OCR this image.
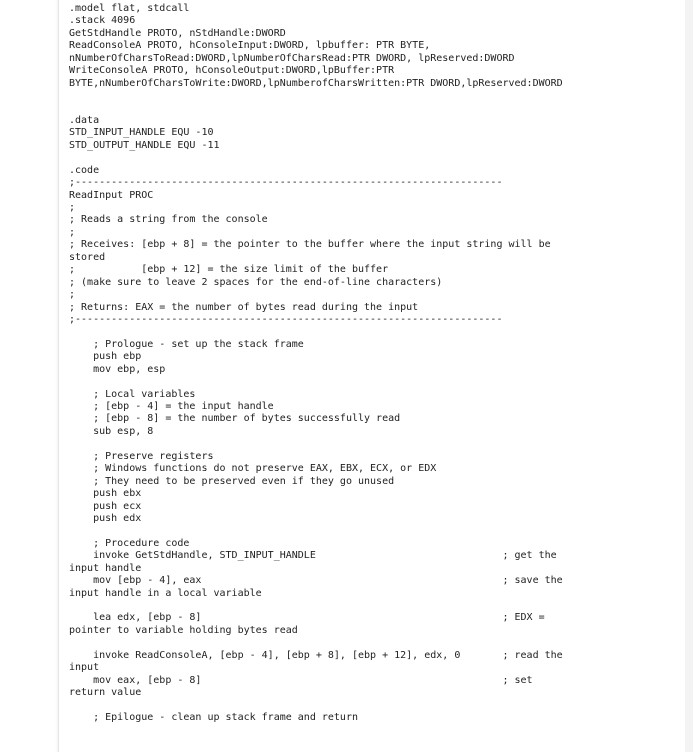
.model flat, stdcall
.stack 4096
GetStdHandle PROTO, nStdHandle:DWORD
ReadConsoleA PROTO, hConsoleInput:DWORD, lpbuffer: PTR BYTE,
nNumberOfCharsToRead:DWORD,lpNumberOfCharsRead:PTR DWORD, lpReserved:DWORD
WriteConsoleA PROTO, hConsoleOutput:DWORD,lpBuffer:PTR
BYTE,nNumberOfCharsToWrite:DWORD,lpNumberofCharsWritten:PTR DWORD,lpReserved:DWORD
.data
STD_INPUT_HANDLE EQU -10
STD_OUTPUT_HANDLE EQU -11
.code
;-----------------------------------------------------------------------
ReadInput PROC
;
; Reads a string from the console
;
; Receives: [ebp + 8] = the pointer to the buffer where the input string will be
stored
;           [ebp + 12] = the size limit of the buffer
; (make sure to leave 2 spaces for the end-of-line characters)
;
; Returns: EAX = the number of bytes read during the input
;-----------------------------------------------------------------------
; Prologue - set up the stack frame
push ebp
mov ebp, esp
; Local variables
; [ebp - 4] = the input handle
; [ebp - 8] = the number of bytes successfully read
sub esp, 8
; Preserve registers
; Windows functions do not preserve EAX, EBX, ECX, or EDX
; They need to be preserved even if they go unused
push ebx
push ecx
push edx
; Procedure code
invoke GetStdHandle, STD_INPUT_HANDLE                               ; get the
input handle
mov [ebp - 4], eax                                                  ; save the
input handle in a local variable
lea edx, [ebp - 8]                                                  ; EDX =
pointer to variable holding bytes read
invoke ReadConsoleA, [ebp - 4], [ebp + 8], [ebp + 12], edx, 0       ; read the
input
mov eax, [ebp - 8]                                                  ; set
return value
; Epilogue - clean up stack frame and return
